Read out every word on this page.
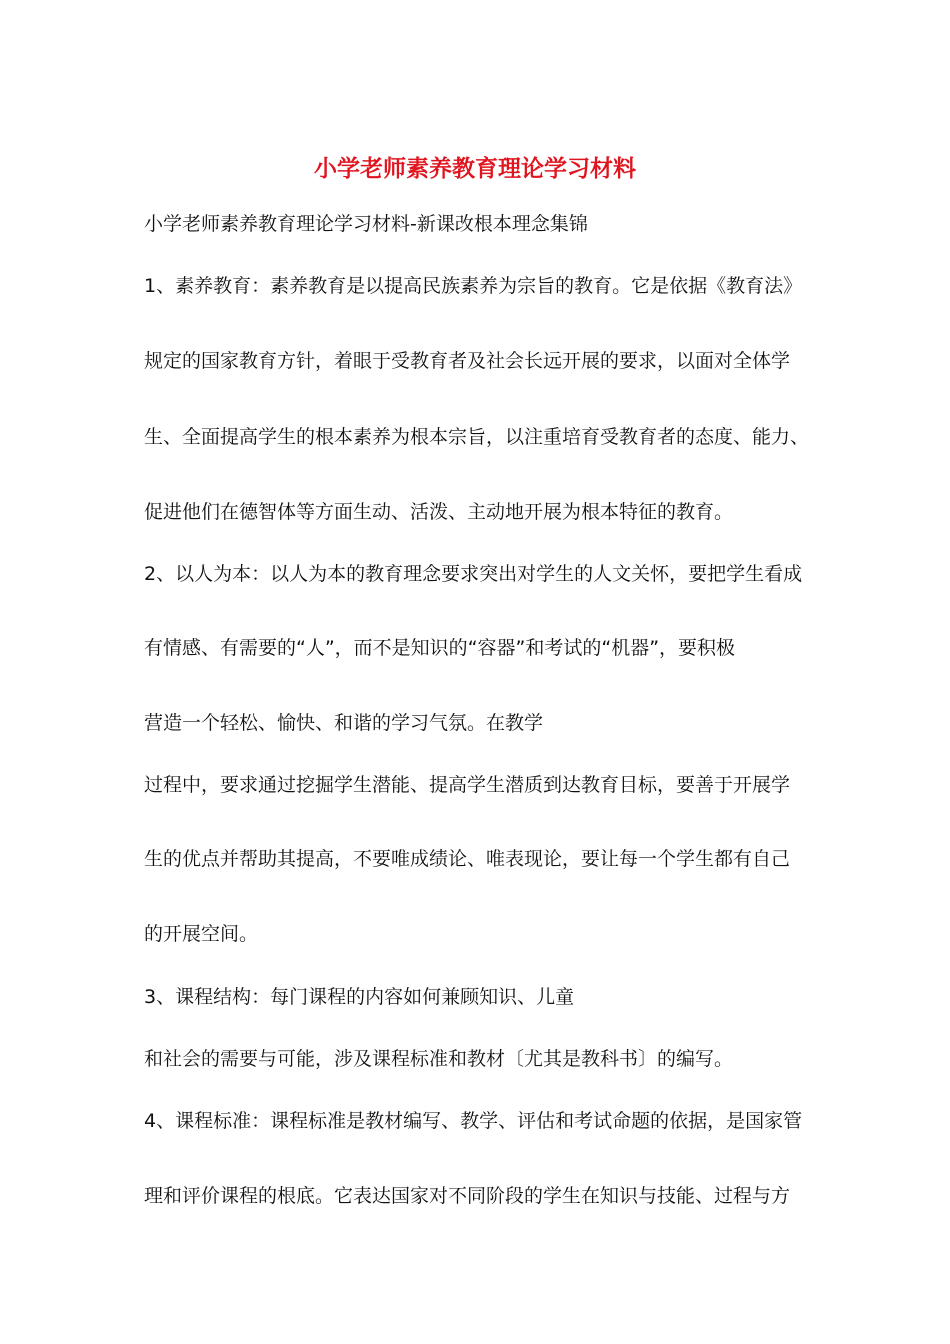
小学老师素养教育理论学习材料
小学老师素养教育理论学习材料-新课改根本理念集锦
1、素养教育：素养教育是以提高民族素养为宗旨的教育。它是依据《教育法》
规定的国家教育方针，着眼于受教育者及社会长远开展的要求，以面对全体学
生、全面提高学生的根本素养为根本宗旨，以注重培育受教育者的态度、能力、
促进他们在德智体等方面生动、活泼、主动地开展为根本特征的教育。
2、以人为本：以人为本的教育理念要求突出对学生的人文关怀，要把学生看成
有情感、有需要的“人”，而不是知识的“容器”和考试的“机器”，要积极
营造一个轻松、愉快、和谐的学习气氛。在教学
过程中，要求通过挖掘学生潜能、提高学生潜质到达教育目标，要善于开展学
生的优点并帮助其提高，不要唯成绩论、唯表现论，要让每一个学生都有自己
的开展空间。
3、课程结构：每门课程的内容如何兼顾知识、儿童
和社会的需要与可能，涉及课程标准和教材〔尤其是教科书〕的编写。
4、课程标准：课程标准是教材编写、教学、评估和考试命题的依据，是国家管
理和评价课程的根底。它表达国家对不同阶段的学生在知识与技能、过程与方
